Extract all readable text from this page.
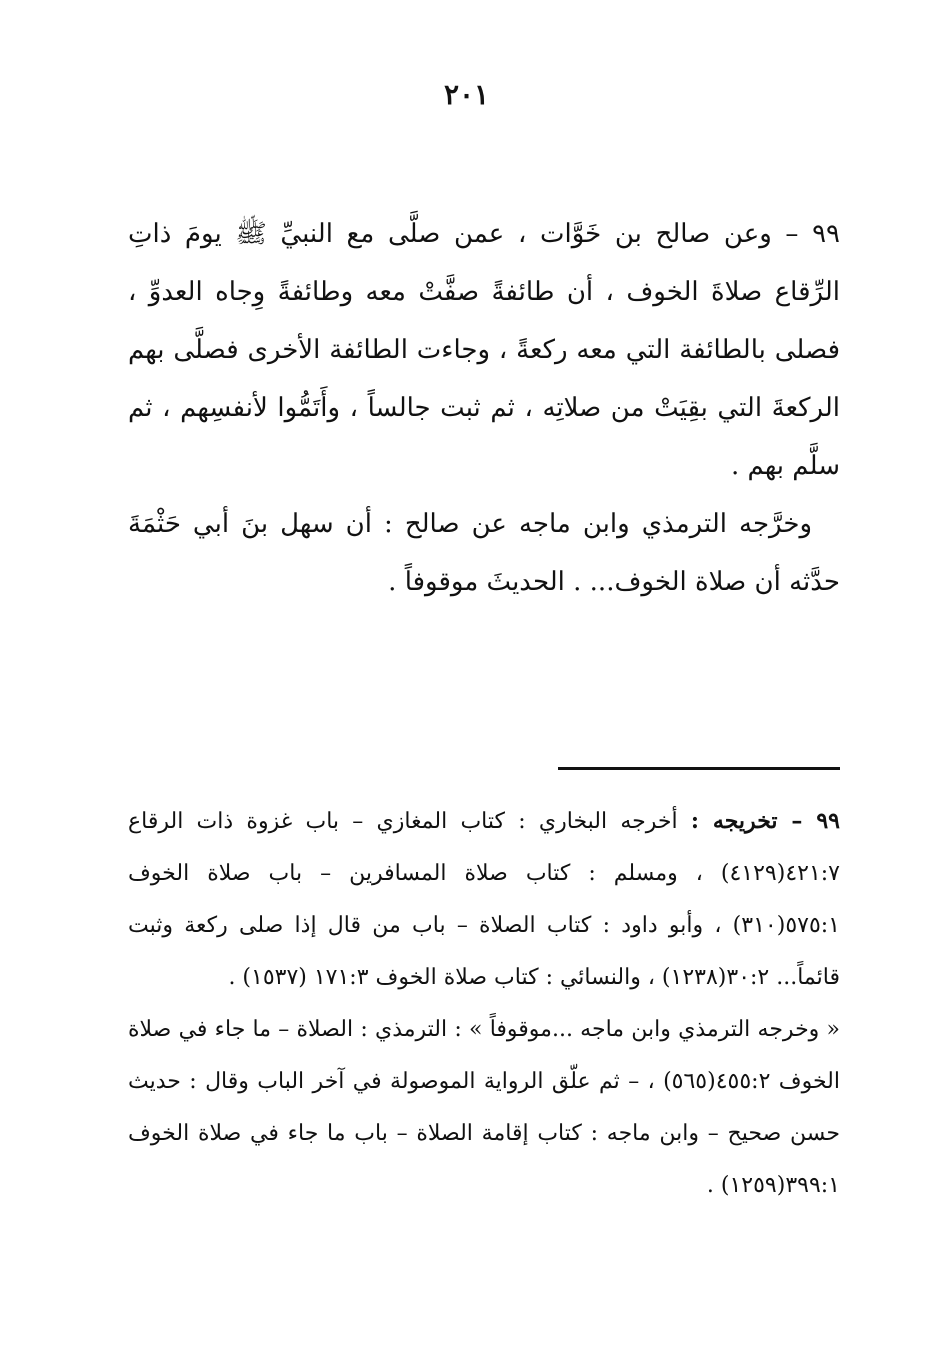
٢٠١

٩٩ – وعن صالح بن خَوَّات ، عمن صلَّى مع النبيِّ ﷺ يومَ ذاتِ الرِّقاع صلاةَ الخوف ، أن طائفةً صفَّتْ معه وطائفةً وِجاه العدوِّ ، فصلى بالطائفة التي معه ركعةً ، وجاءت الطائفة الأخرى فصلَّى بهم الركعةَ التي بقِيَتْ من صلاتِه ، ثم ثبت جالساً ، وأَتَمُّوا لأنفسِهم ، ثم سلَّم بهم .

وخرَّجه الترمذي وابن ماجه عن صالح : أن سهل بنَ أبي حَثْمَةَ حدَّثه أن صلاة الخوف... . الحديثَ موقوفاً .

٩٩ – تخريجه : أخرجه البخاري : كتاب المغازي – باب غزوة ذات الرقاع ٤٢١:٧(٤١٢٩) ، ومسلم : كتاب صلاة المسافرين – باب صلاة الخوف ٥٧٥:١(٣١٠) ، وأبو داود : كتاب الصلاة – باب من قال إذا صلى ركعة وثبت قائماً... ٣٠:٢(١٢٣٨) ، والنسائي : كتاب صلاة الخوف ١٧١:٣ (١٥٣٧) .

« وخرجه الترمذي وابن ماجه ...موقوفاً » : الترمذي : الصلاة – ما جاء في صلاة الخوف ٤٥٥:٢(٥٦٥) ، – ثم علّق الرواية الموصولة في آخر الباب وقال : حديث حسن صحيح – وابن ماجه : كتاب إقامة الصلاة – باب ما جاء في صلاة الخوف ٣٩٩:١(١٢٥٩) .
